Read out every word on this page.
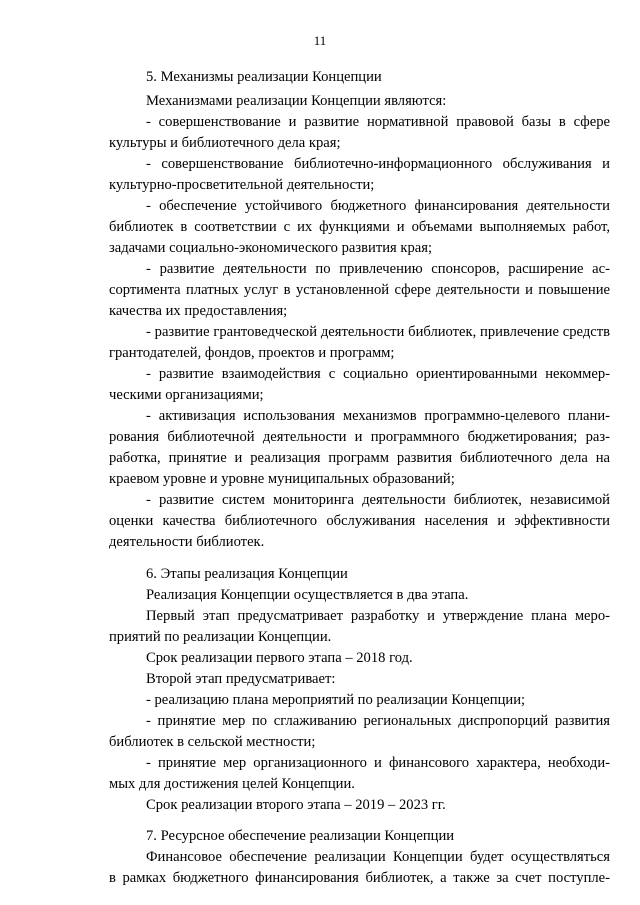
11
5. Механизмы реализации Концепции
Механизмами реализации Концепции являются:
- совершенствование и развитие нормативной правовой базы в сфере
культуры и библиотечного дела края;
- совершенствование библиотечно-информационного обслуживания и
культурно-просветительной деятельности;
- обеспечение устойчивого бюджетного финансирования деятельности
библиотек в соответствии с их функциями и объемами выполняемых работ,
задачами социально-экономического развития края;
- развитие деятельности по привлечению спонсоров, расширение ас-
сортимента платных услуг в установленной сфере деятельности и повышение
качества их предоставления;
- развитие грантоведческой деятельности библиотек, привлечение средств
грантодателей, фондов, проектов и программ;
- развитие взаимодействия с социально ориентированными некоммер-
ческими организациями;
- активизация использования механизмов программно-целевого плани-
рования библиотечной деятельности и программного бюджетирования; раз-
работка, принятие и реализация программ развития библиотечного дела на
краевом уровне и уровне муниципальных образований;
- развитие систем мониторинга деятельности библиотек, независимой
оценки качества библиотечного обслуживания населения и эффективности
деятельности библиотек.
6. Этапы реализация Концепции
Реализация Концепции осуществляется в два этапа.
Первый этап предусматривает разработку и утверждение плана меро-
приятий по реализации Концепции.
Срок реализации первого этапа – 2018 год.
Второй этап предусматривает:
- реализацию плана мероприятий по реализации Концепции;
- принятие мер по сглаживанию региональных диспропорций развития
библиотек в сельской местности;
- принятие мер организационного и финансового характера, необходи-
мых для достижения целей Концепции.
Срок реализации второго этапа – 2019 – 2023 гг.
7. Ресурсное обеспечение реализации Концепции
Финансовое обеспечение реализации Концепции будет осуществляться
в рамках бюджетного финансирования библиотек, а также за счет поступле-
